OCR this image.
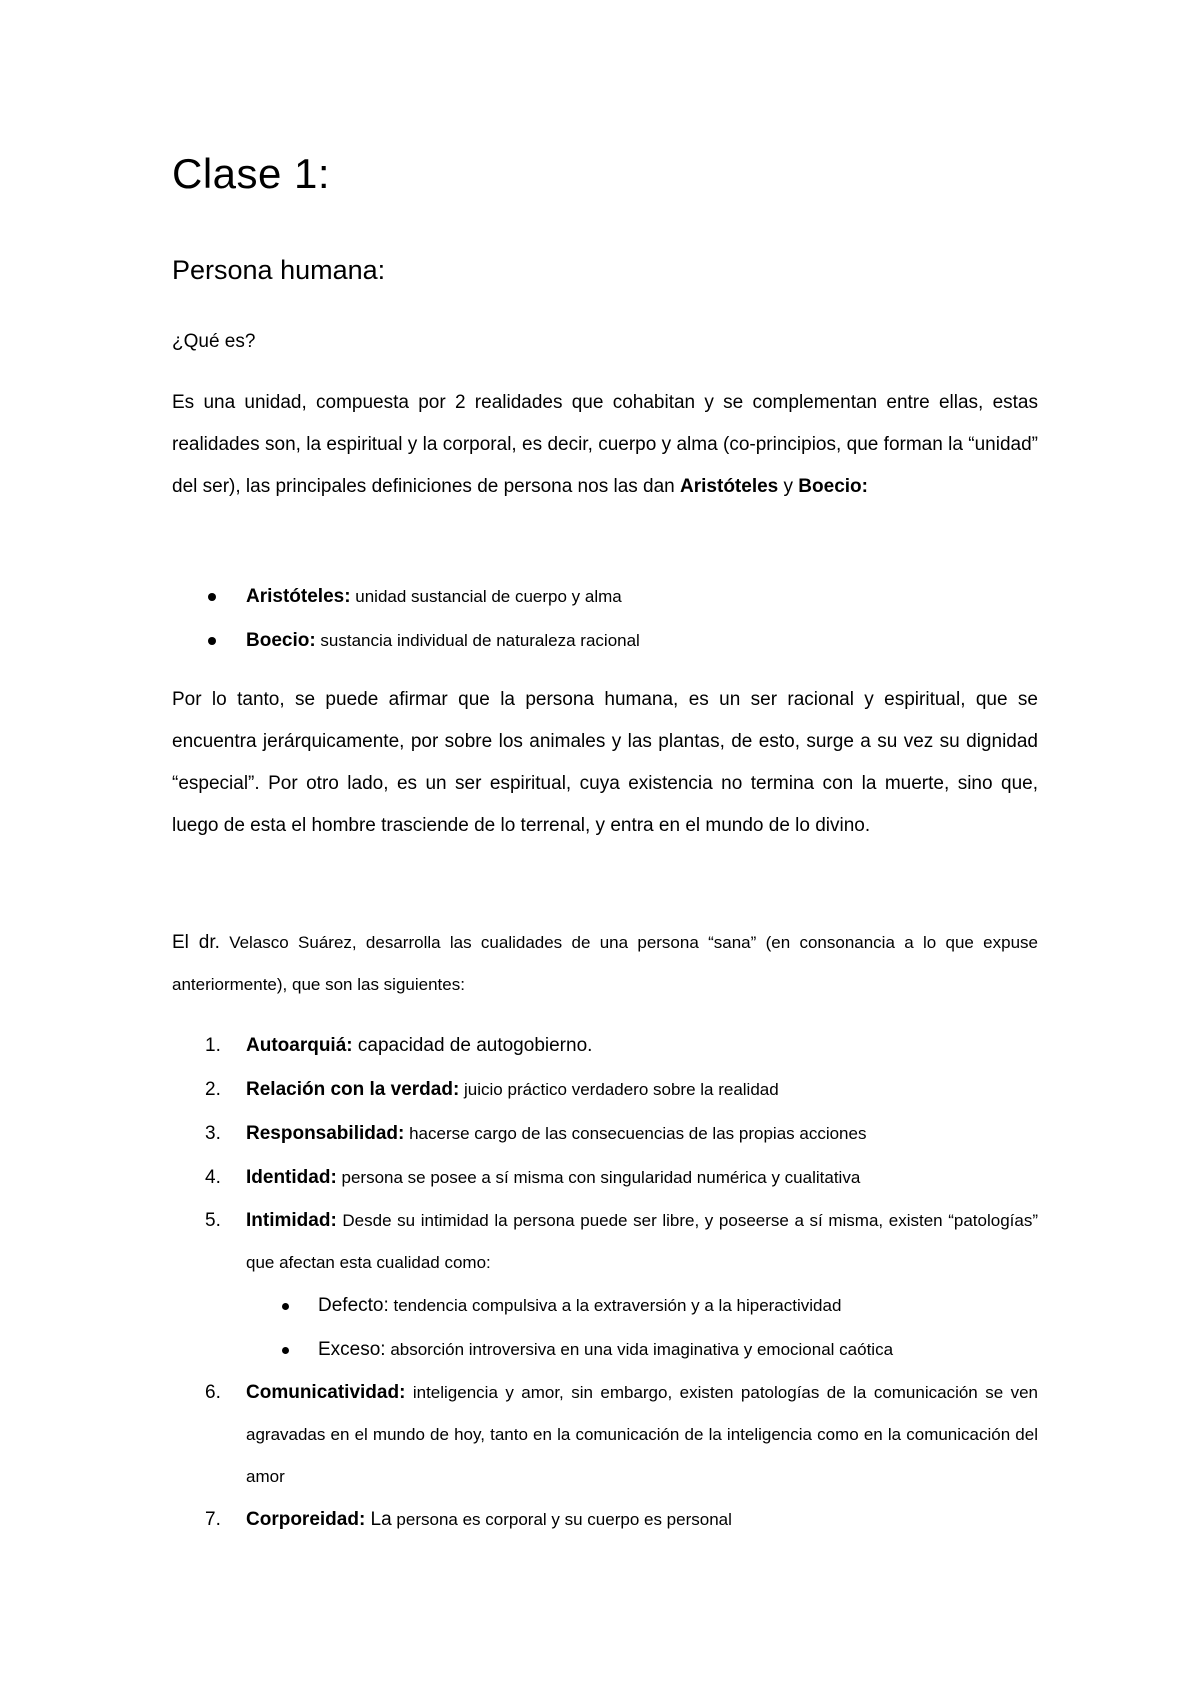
Clase 1:
Persona humana:

¿Qué es?

Es una unidad, compuesta por 2 realidades que cohabitan y se complementan entre ellas, estas realidades son, la espiritual y la corporal, es decir, cuerpo y alma (co-principios, que forman la “unidad” del ser), las principales definiciones de persona nos las dan Aristóteles y Boecio:

Aristóteles: unidad sustancial de cuerpo y alma
Boecio: sustancia individual de naturaleza racional

Por lo tanto, se puede afirmar que la persona humana, es un ser racional y espiritual, que se encuentra jerárquicamente, por sobre los animales y las plantas, de esto, surge a su vez su dignidad “especial”. Por otro lado, es un ser espiritual, cuya existencia no termina con la muerte, sino que, luego de esta el hombre trasciende de lo terrenal, y entra en el mundo de lo divino.

El dr. Velasco Suárez, desarrolla las cualidades de una persona “sana” (en consonancia a lo que expuse anteriormente), que son las siguientes:

1. Autoarquiá: capacidad de autogobierno.
2. Relación con la verdad: juicio práctico verdadero sobre la realidad
3. Responsabilidad: hacerse cargo de las consecuencias de las propias acciones
4. Identidad: persona se posee a sí misma con singularidad numérica y cualitativa
5. Intimidad: Desde su intimidad la persona puede ser libre, y poseerse a sí misma, existen “patologías” que afectan esta cualidad como:
Defecto: tendencia compulsiva a la extraversión y a la hiperactividad
Exceso: absorción introversiva en una vida imaginativa y emocional caótica
6. Comunicatividad: inteligencia y amor, sin embargo, existen patologías de la comunicación se ven agravadas en el mundo de hoy, tanto en la comunicación de la inteligencia como en la comunicación del amor
7. Corporeidad: La persona es corporal y su cuerpo es personal
